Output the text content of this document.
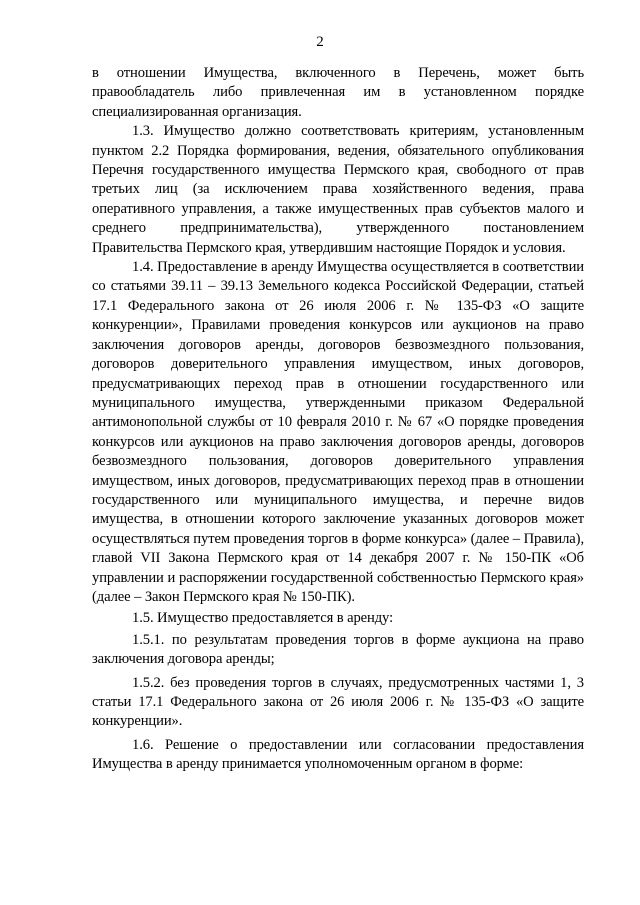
2

в отношении Имущества, включенного в Перечень, может быть правообладатель либо привлеченная им в установленном порядке специализированная организация.

1.3. Имущество должно соответствовать критериям, установленным пунктом 2.2 Порядка формирования, ведения, обязательного опубликования Перечня государственного имущества Пермского края, свободного от прав третьих лиц (за исключением права хозяйственного ведения, права оперативного управления, а также имущественных прав субъектов малого и среднего предпринимательства), утвержденного постановлением Правительства Пермского края, утвердившим настоящие Порядок и условия.

1.4. Предоставление в аренду Имущества осуществляется в соответствии со статьями 39.11 – 39.13 Земельного кодекса Российской Федерации, статьей 17.1 Федерального закона от 26 июля 2006 г. № 135-ФЗ «О защите конкуренции», Правилами проведения конкурсов или аукционов на право заключения договоров аренды, договоров безвозмездного пользования, договоров доверительного управления имуществом, иных договоров, предусматривающих переход прав в отношении государственного или муниципального имущества, утвержденными приказом Федеральной антимонопольной службы от 10 февраля 2010 г. № 67 «О порядке проведения конкурсов или аукционов на право заключения договоров аренды, договоров безвозмездного пользования, договоров доверительного управления имуществом, иных договоров, предусматривающих переход прав в отношении государственного или муниципального имущества, и перечне видов имущества, в отношении которого заключение указанных договоров может осуществляться путем проведения торгов в форме конкурса» (далее – Правила), главой VII Закона Пермского края от 14 декабря 2007 г. № 150-ПК «Об управлении и распоряжении государственной собственностью Пермского края» (далее – Закон Пермского края № 150-ПК).

1.5. Имущество предоставляется в аренду:

1.5.1. по результатам проведения торгов в форме аукциона на право заключения договора аренды;

1.5.2. без проведения торгов в случаях, предусмотренных частями 1, 3 статьи 17.1 Федерального закона от 26 июля 2006 г. № 135-ФЗ «О защите конкуренции».

1.6. Решение о предоставлении или согласовании предоставления Имущества в аренду принимается уполномоченным органом в форме:
